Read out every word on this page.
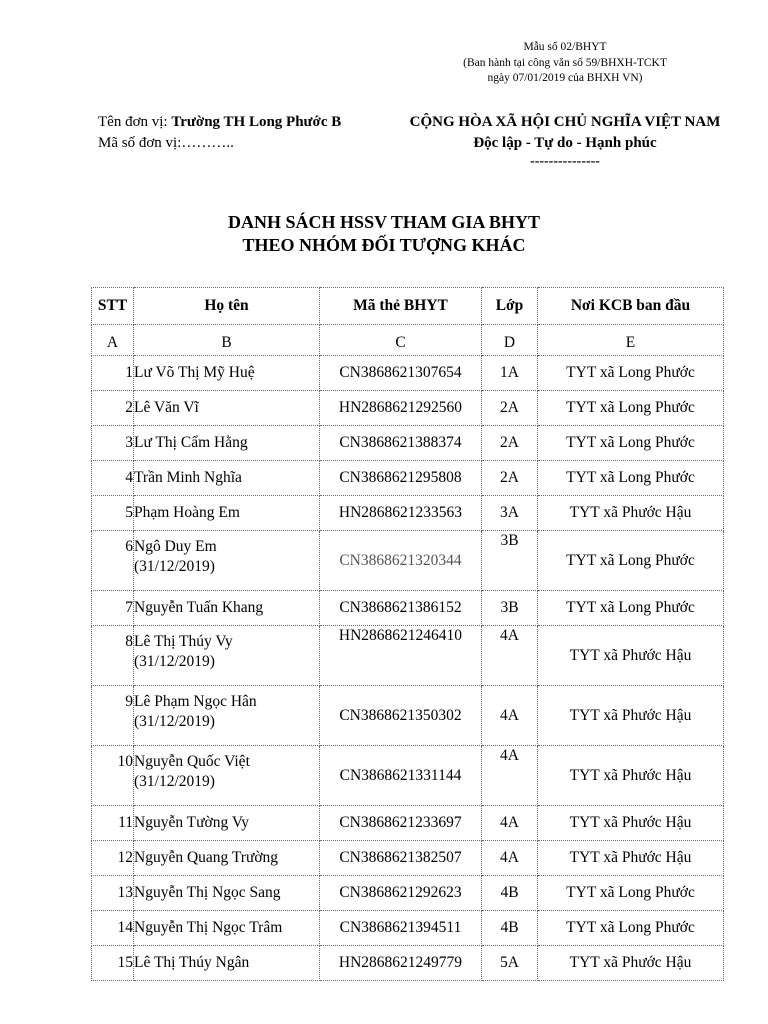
Mẫu số 02/BHYT
(Ban hành tại công văn số 59/BHXH-TCKT
ngày 07/01/2019 của BHXH VN)
Tên đơn vị: Trường TH Long Phước B
Mã số đơn vị:………..
CỘNG HÒA XÃ HỘI CHỦ NGHĨA VIỆT NAM
Độc lập - Tự do - Hạnh phúc
---------------
DANH SÁCH HSSV THAM GIA BHYT
THEO NHÓM ĐỐI TƯỢNG KHÁC
STT	Họ tên	Mã thẻ BHYT	Lớp	Nơi KCB ban đầu
A	B	C	D	E
1	Lư Võ Thị Mỹ Huệ	CN3868621307654	1A	TYT xã Long Phước
2	Lê Văn Vĩ	HN2868621292560	2A	TYT xã Long Phước
3	Lư Thị Cẩm Hằng	CN3868621388374	2A	TYT xã Long Phước
4	Trần Minh Nghĩa	CN3868621295808	2A	TYT xã Long Phước
5	Phạm Hoàng Em	HN2868621233563	3A	TYT xã Phước Hậu
6	Ngô Duy Em
(31/12/2019)	CN3868621320344	3B	TYT xã Long Phước
7	Nguyễn Tuấn Khang	CN3868621386152	3B	TYT xã Long Phước
8	Lê Thị Thúy Vy
(31/12/2019)	HN2868621246410	4A	TYT xã Phước Hậu
9	Lê Phạm Ngọc Hân
(31/12/2019)	CN3868621350302	4A	TYT xã Phước Hậu
10	Nguyễn Quốc Việt
(31/12/2019)	CN3868621331144	4A	TYT xã Phước Hậu
11	Nguyễn Tường Vy	CN3868621233697	4A	TYT xã Phước Hậu
12	Nguyễn Quang Trường	CN3868621382507	4A	TYT xã Phước Hậu
13	Nguyễn Thị Ngọc Sang	CN3868621292623	4B	TYT xã Long Phước
14	Nguyễn Thị Ngọc Trâm	CN3868621394511	4B	TYT xã Long Phước
15	Lê Thị Thúy Ngân	HN2868621249779	5A	TYT xã Phước Hậu
